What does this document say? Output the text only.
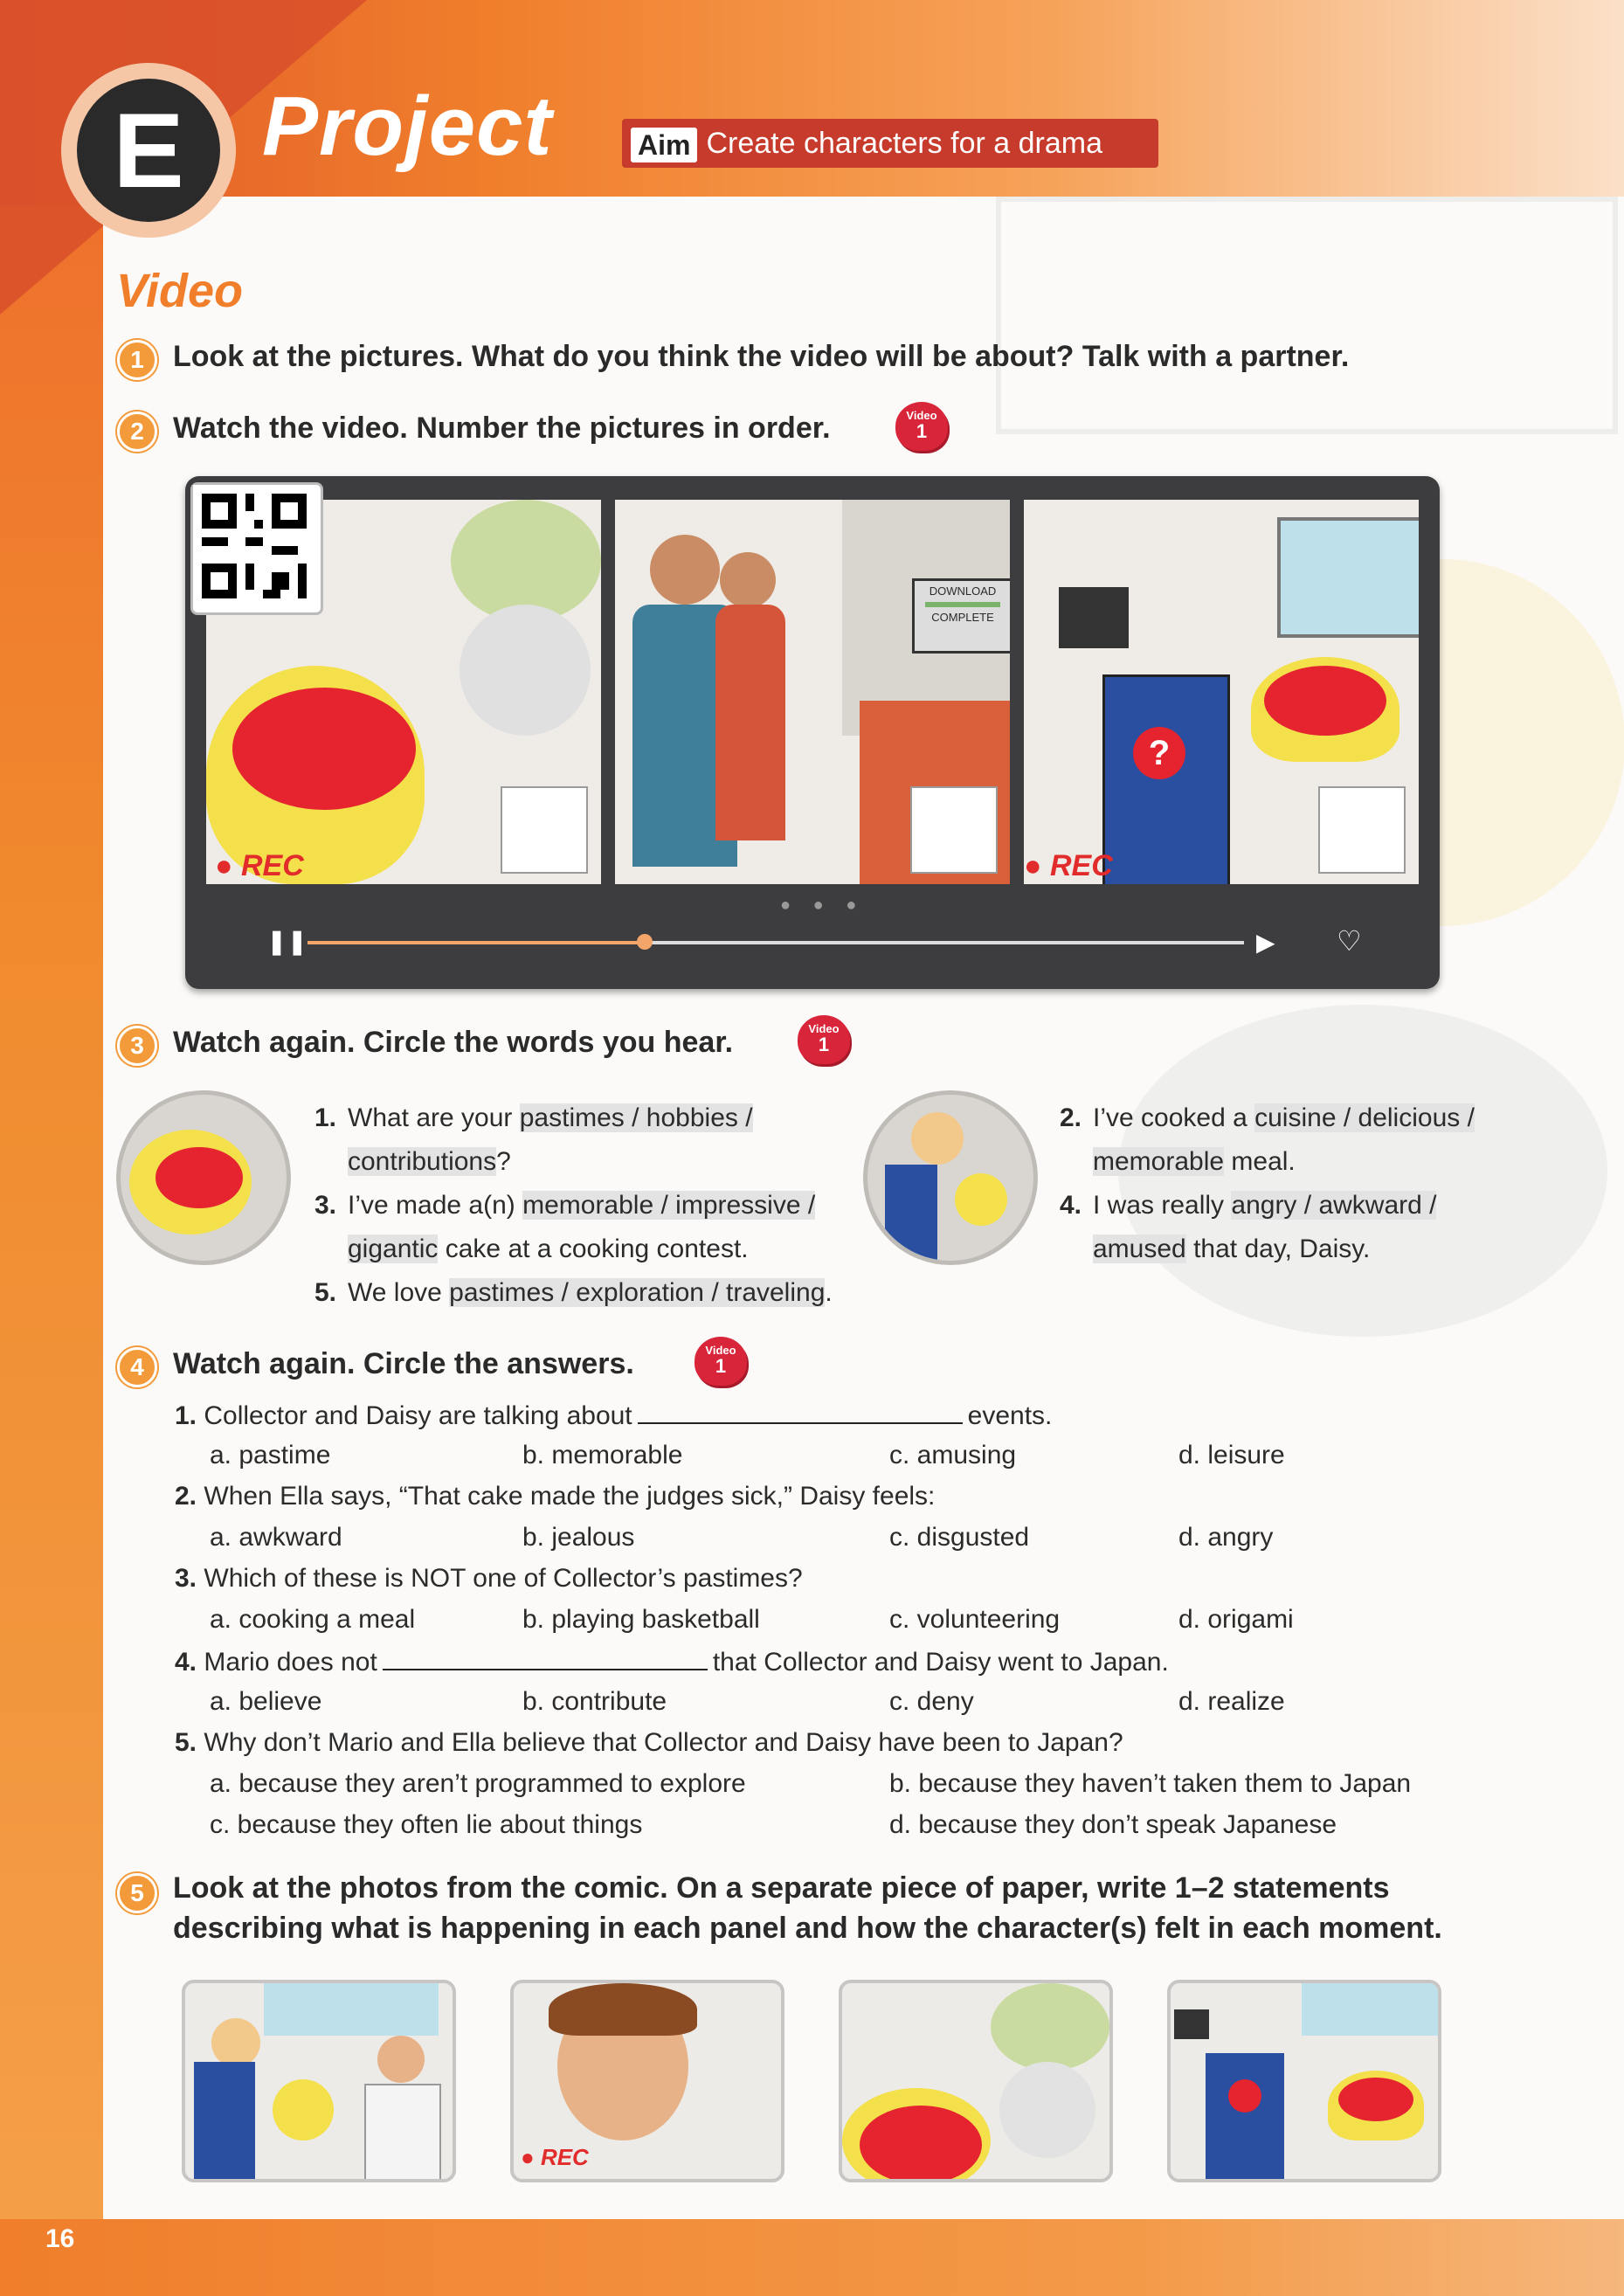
E Project	Aim Create characters for a drama
Video
1 Look at the pictures. What do you think the video will be about? Talk with a partner.
2 Watch the video. Number the pictures in order.	Video
1
● REC
DOWNLOAD
COMPLETE
?
● REC
● ● ●
❚❚	▶ ♡
3 Watch again. Circle the words you hear.	Video
1
1. What are your pastimes / hobbies /
contributions?
3. I’ve made a(n) memorable / impressive /
gigantic cake at a cooking contest.
5. We love pastimes / exploration / traveling.
2. I’ve cooked a cuisine / delicious /
memorable meal.
4. I was really angry / awkward /
amused that day, Daisy.
4 Watch again. Circle the answers.	Video
1
1. Collector and Daisy are talking about	events.
a. pastime	b. memorable	c. amusing	d. leisure
2. When Ella says, “That cake made the judges sick,” Daisy feels:
a. awkward	b. jealous	c. disgusted	d. angry
3. Which of these is NOT one of Collector’s pastimes?
a. cooking a meal	b. playing basketball	c. volunteering	d. origami
4. Mario does not	that Collector and Daisy went to Japan.
a. believe	b. contribute	c. deny	d. realize
5. Why don’t Mario and Ella believe that Collector and Daisy have been to Japan?
a. because they aren’t programmed to explore	b. because they haven’t taken them to Japan
c. because they often lie about things	d. because they don’t speak Japanese
5 Look at the photos from the comic. On a separate piece of paper, write 1–2 statements
describing what is happening in each panel and how the character(s) felt in each moment.
● REC
16
